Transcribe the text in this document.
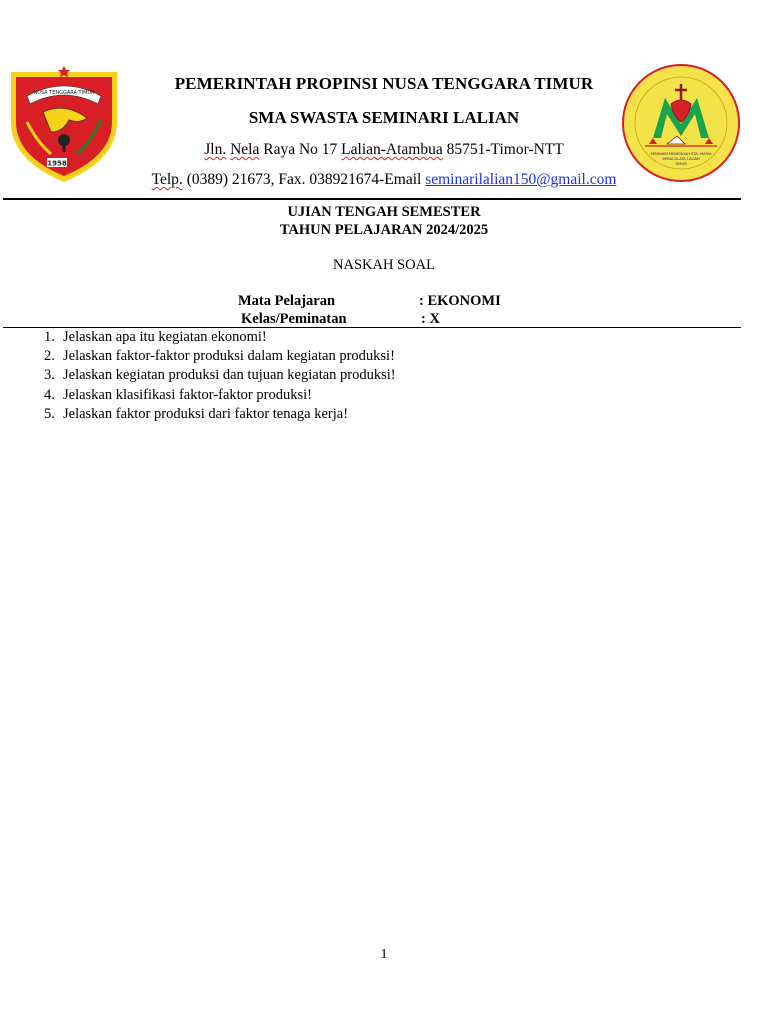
NUSA TENGGARA TIMUR
1958
SEMINARI MENENGAH STA. MARIA
IMMACULATA LALIAN
TIMOR
PEMERINTAH PROPINSI NUSA TENGGARA TIMUR
SMA SWASTA SEMINARI LALIAN
Jln. Nela Raya No 17 Lalian-Atambua 85751-Timor-NTT
Telp. (0389) 21673, Fax. 038921674-Email seminarilalian150@gmail.com
UJIAN TENGAH SEMESTER
TAHUN PELAJARAN 2024/2025
NASKAH SOAL
Mata Pelajaran	: EKONOMI
Kelas/Peminatan	: X
1. Jelaskan apa itu kegiatan ekonomi!
2. Jelaskan faktor-faktor produksi dalam kegiatan produksi!
3. Jelaskan kegiatan produksi dan tujuan kegiatan produksi!
4. Jelaskan klasifikasi faktor-faktor produksi!
5. Jelaskan faktor produksi dari faktor tenaga kerja!
1
